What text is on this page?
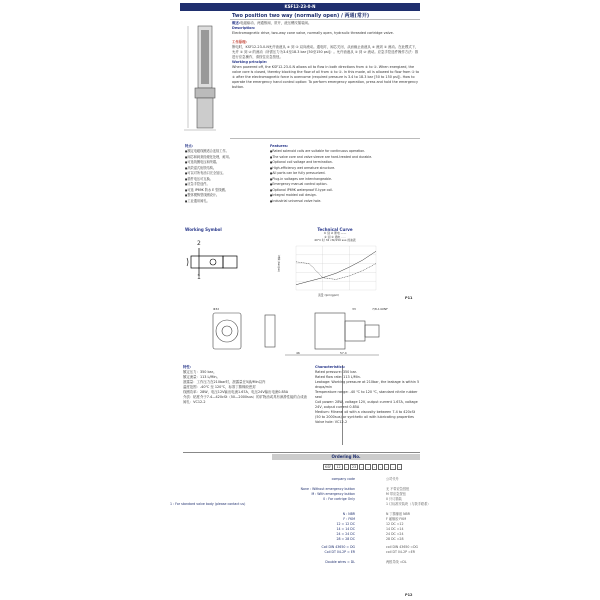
KSF12-23-0-N
Two position two way (normally open) / 两通(常开)
概述:电磁驱动、两通锥阀，常开，液压螺纹插装阀。
Description:
Electromagnetic drive, two-way cone valve, normally open, hydraulic threaded cartridge valve.
工作原理:
断电时，KSF12-23-0-N允许油液从 ② 到 ① 双向流动。通电时，阀芯关闭，从而截止油液从 ② 流到 ① 流动。在此模式下，允许 ① 到 ② 的流动（所需压力为3.4至18.3 bar [50至150 psi]）。允许油液从 ① 到 ② 流动。应急手控选件操作方法：推进行应急操作，请按住应急按钮。
Working principle:
When powered off, the KSF12-23-0-N allows oil to flow in both directions from ② to ①. When energized, the valve core is closed, thereby blocking the flow of oil from ② to ①. In this mode, oil is allowed to flow from ① to ② after the electromagnetic force is overcome (required pressure is 3.4 to 18.3 bar [50 to 150 psi]). How to operate the emergency hand control option: To perform emergency operation, press and hold the emergency button.
特点:
■ 额定电磁线圈适合连续工作。
■ 阀芯和阀套经硬化处理，耐用。
■ 可选线圈电压和终端。
■ 高效湿式衔铁结构。
■ 可以对所有油口完全加压。
■ 插件电压可互换。
■ 应急手控选件。
■ 可选 IP69K 防水 E 型线圈。
■ 整体模铸型线圈设计。
■ 工业通用阀孔。
Features:
■ Rated solenoid coils are suitable for continuous operation.
■ The valve core and valve sleeve are hard-treated and durable.
■ Optional coil voltage and termination.
■ High-efficiency wet armature structure.
■ All ports can be fully pressurized.
■ Plug-in voltages are interchangeable.
■ Emergency manual control option.
■ Optional IP69K waterproof E-type coil.
■ Integral molded coil design.
■ Industrial universal valve hole.
Working Symbol
2
1
Technical Curve
① 到 ② 断电 ——
② 到 ① 通电 ·····
40°C 时 32 cSt/150 sus 的油液
压降 (bar/psi)
流量 (lpm/gpm)
P11
Φ32
46	57.4
33	7/8-14UNF
特性:
额定压力：350 bar。
额定流量：113 L/Min。
泄露量：工作压力在210bar时，泄露量在5滴/Min以内
温度范围：-40℃ 至 120℃，标准丁腈橡胶密封
线圈功率：28W，电压12V输出电流1.67A，电压24V输出电流0.85A
介质：粘度介于7.4—420cSt（50—2000sus）的矿物油或具有润滑性能的合成油
阀孔：VC12-2
Characteristics:
Rated pressure: 350 bar.
Rated flow rate: 113 L/Min.
Leakage: Working pressure at 210bar, the leakage is within 5 drops/min
Temperature range: -40 ℃ to 120 ℃, standard nitrile rubber seal
Coil power: 28W, voltage 12V, output current 1.67A, voltage 24V, output current 0.85A
Medium: Mineral oil with a viscosity between 7.4 to 420cSt (50 to 2000sus) or synthetic oil with lubricating properties
Valve hole: VC12-2
Ordering No.
KSF	12	-	23	-	-	-	-	-	-	-
company code	公司代号
None : Without emergency button	无 不带应急按钮
M : With emergency button	M 带应急按钮
0 : For cartrige Only	0 只订插装
1 : For standard valve body (please contact us)	1 订标准安装块（与我手联系）
N : NBR	N 丁腈橡胶 NBR
F : FKM	F 氟橡胶 FKM
12 = 12 DC	12 DC =12
14 = 14 DC	14 DC =14
24 = 24 DC	24 DC =24
28 = 28 DC	28 DC =28
Coil DIN 43650 = DG	coil DIN 43650 =DG
Coil DT 04-2P = ER	coil DT 04-2P =ER
Double wires = DL	两根导线 =DL
P12
